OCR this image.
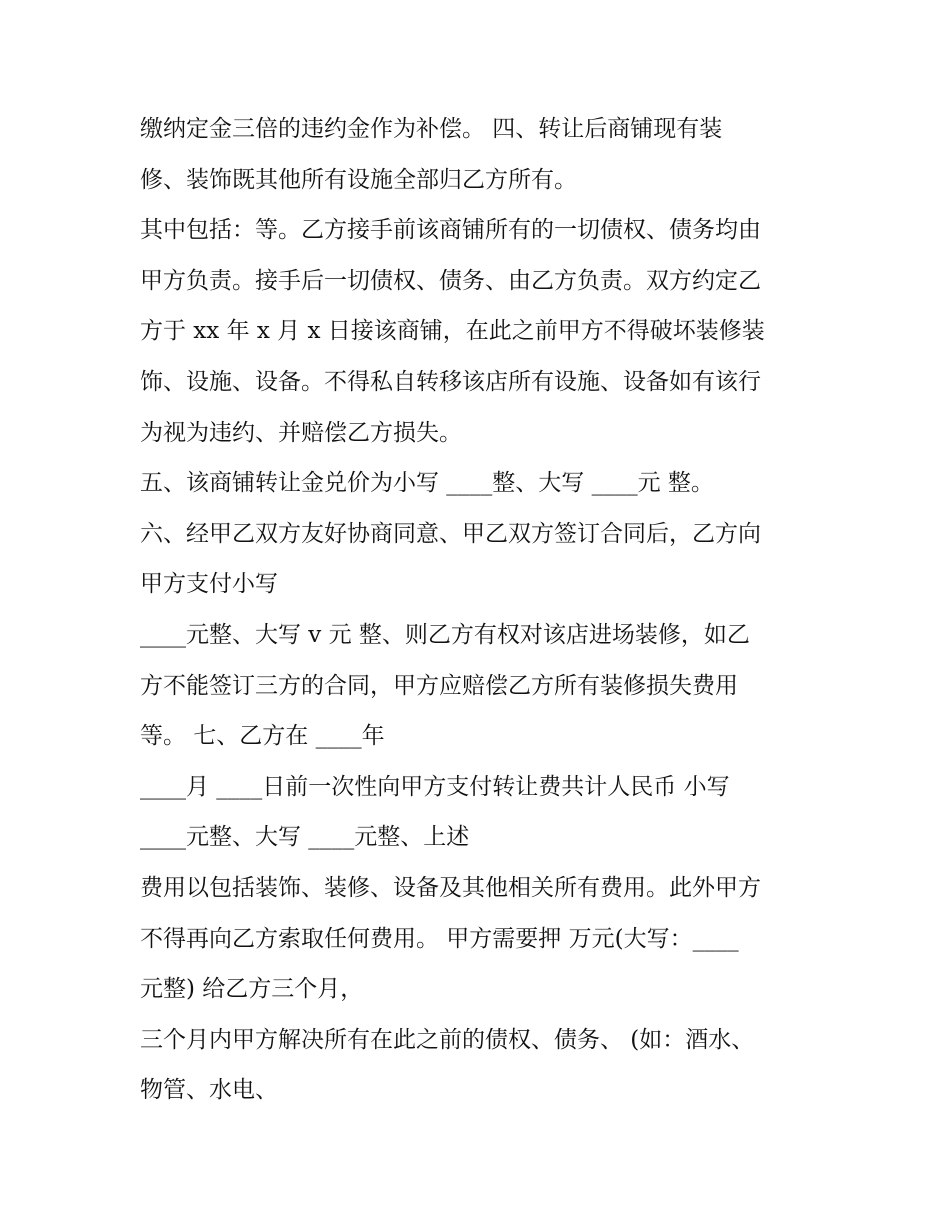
缴纳定金三倍的违约金作为补偿。 四、转让后商铺现有装
修、装饰既其他所有设施全部归乙方所有。
其中包括：等。乙方接手前该商铺所有的一切债权、债务均由
甲方负责。接手后一切债权、债务、由乙方负责。双方约定乙
方于 xx 年 x 月 x 日接该商铺，在此之前甲方不得破坏装修装
饰、设施、设备。不得私自转移该店所有设施、设备如有该行
为视为违约、并赔偿乙方损失。
五、该商铺转让金兑价为小写 ____整、大写 ____元 整。
六、经甲乙双方友好协商同意、甲乙双方签订合同后，乙方向
甲方支付小写
____元整、大写 v 元 整、则乙方有权对该店进场装修，如乙
方不能签订三方的合同，甲方应赔偿乙方所有装修损失费用
等。 七、乙方在 ____年
____月 ____日前一次性向甲方支付转让费共计人民币 小写
____元整、大写 ____元整、上述
费用以包括装饰、装修、设备及其他相关所有费用。此外甲方
不得再向乙方索取任何费用。 甲方需要押 万元(大写：____
元整) 给乙方三个月，
三个月内甲方解决所有在此之前的债权、债务、 (如：酒水、
物管、水电、
